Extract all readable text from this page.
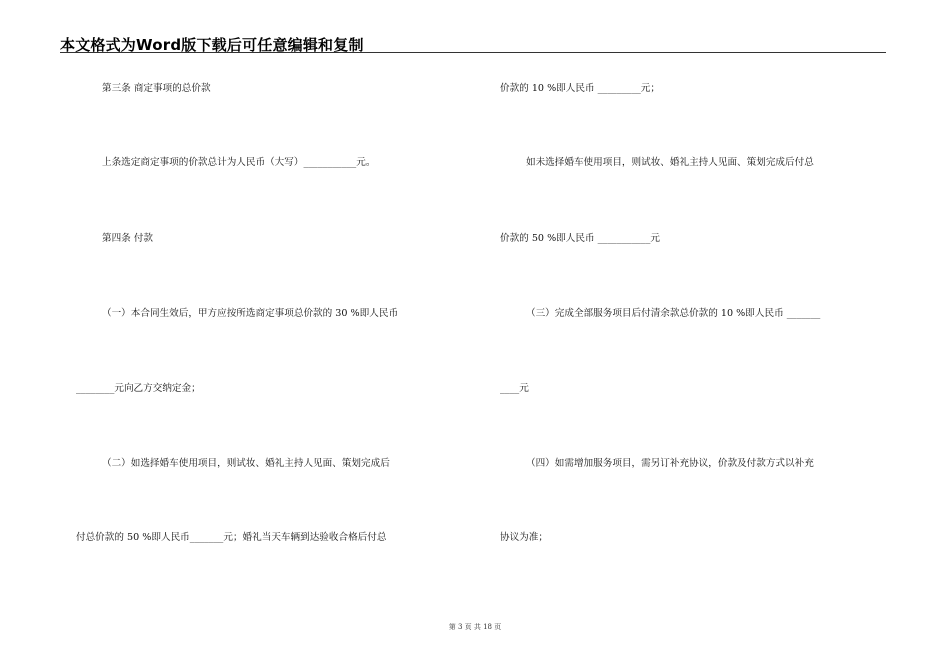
本文格式为Word版下载后可任意编辑和复制
第三条 商定事项的总价款
上条选定商定事项的价款总计为人民币（大写）___________元。
第四条 付款
（一）本合同生效后，甲方应按所选商定事项总价款的 30 %即人民币
________元向乙方交纳定金；
（二）如选择婚车使用项目，则试妆、婚礼主持人见面、策划完成后
付总价款的 50 %即人民币_______元；婚礼当天车辆到达验收合格后付总
价款的 10 %即人民币 _________元；
如未选择婚车使用项目，则试妆、婚礼主持人见面、策划完成后付总
价款的 50 %即人民币 ___________元
（三）完成全部服务项目后付清余款总价款的 10 %即人民币 _______
____元
（四）如需增加服务项目，需另订补充协议，价款及付款方式以补充
协议为准；
第 3 页 共 18 页
